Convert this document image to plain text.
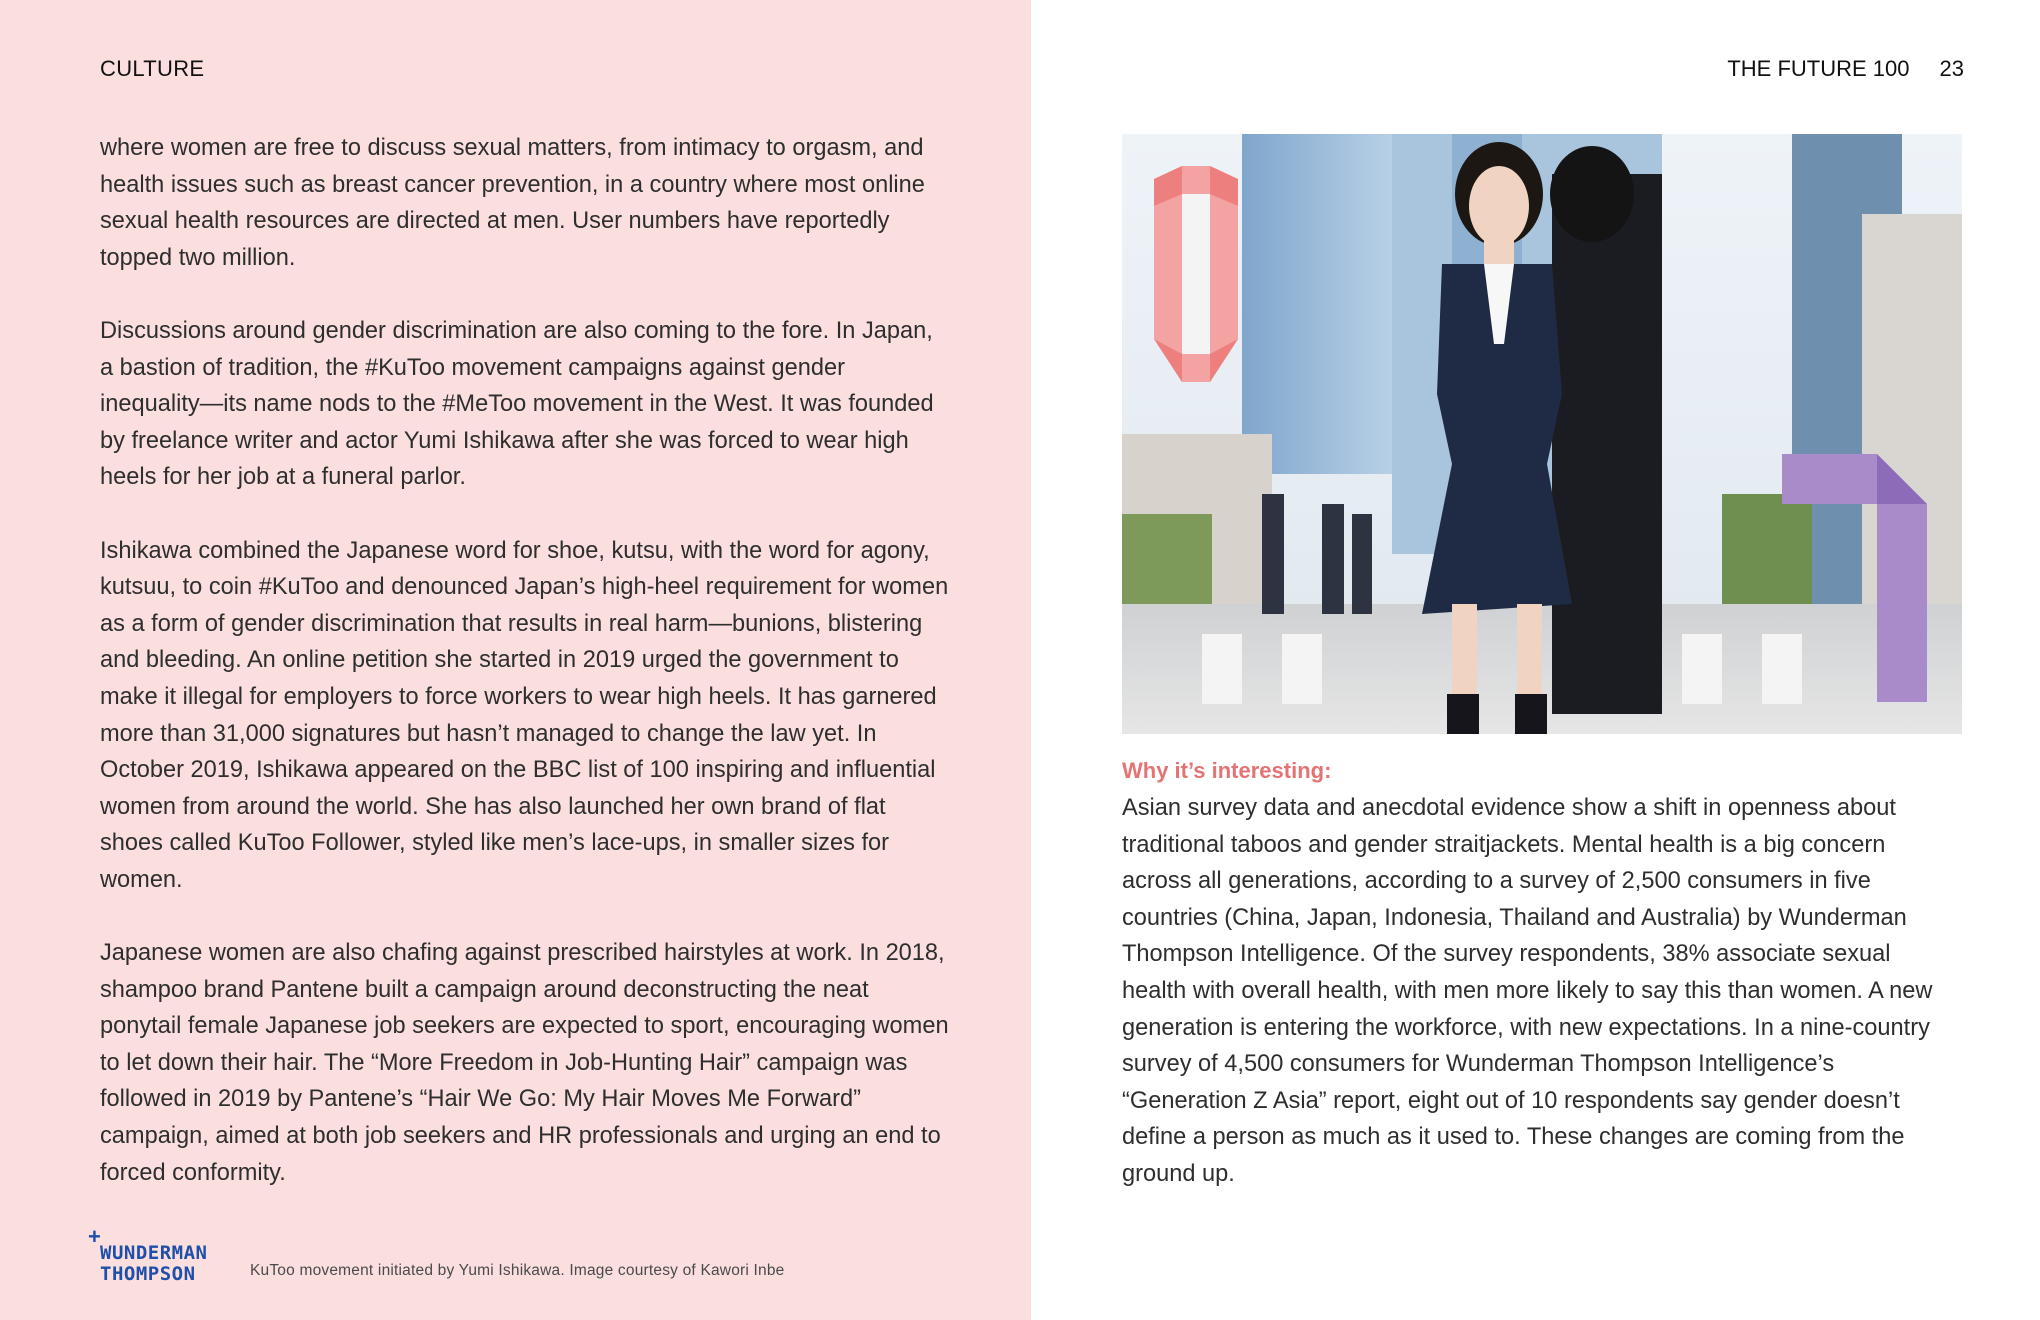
CULTURE

where women are free to discuss sexual matters, from intimacy to orgasm, and health issues such as breast cancer prevention, in a country where most online sexual health resources are directed at men. User numbers have reportedly topped two million.

Discussions around gender discrimination are also coming to the fore. In Japan, a bastion of tradition, the #KuToo movement campaigns against gender inequality—its name nods to the #MeToo movement in the West. It was founded by freelance writer and actor Yumi Ishikawa after she was forced to wear high heels for her job at a funeral parlor.

Ishikawa combined the Japanese word for shoe, kutsu, with the word for agony, kutsuu, to coin #KuToo and denounced Japan’s high-heel requirement for women as a form of gender discrimination that results in real harm—bunions, blistering and bleeding. An online petition she started in 2019 urged the government to make it illegal for employers to force workers to wear high heels. It has garnered more than 31,000 signatures but hasn’t managed to change the law yet. In October 2019, Ishikawa appeared on the BBC list of 100 inspiring and influential women from around the world. She has also launched her own brand of flat shoes called KuToo Follower, styled like men’s lace-ups, in smaller sizes for women.

Japanese women are also chafing against prescribed hairstyles at work. In 2018, shampoo brand Pantene built a campaign around deconstructing the neat ponytail female Japanese job seekers are expected to sport, encouraging women to let down their hair. The “More Freedom in Job-Hunting Hair” campaign was followed in 2019 by Pantene’s “Hair We Go: My Hair Moves Me Forward” campaign, aimed at both job seekers and HR professionals and urging an end to forced conformity.

+
WUNDERMAN
THOMPSON	KuToo movement initiated by Yumi Ishikawa. Image courtesy of Kawori Inbe
THE FUTURE 100 23
Why it’s interesting:

Asian survey data and anecdotal evidence show a shift in openness about traditional taboos and gender straitjackets. Mental health is a big concern across all generations, according to a survey of 2,500 consumers in five countries (China, Japan, Indonesia, Thailand and Australia) by Wunderman Thompson Intelligence. Of the survey respondents, 38% associate sexual health with overall health, with men more likely to say this than women. A new generation is entering the workforce, with new expectations. In a nine-country survey of 4,500 consumers for Wunderman Thompson Intelligence’s “Generation Z Asia” report, eight out of 10 respondents say gender doesn’t define a person as much as it used to. These changes are coming from the ground up.
